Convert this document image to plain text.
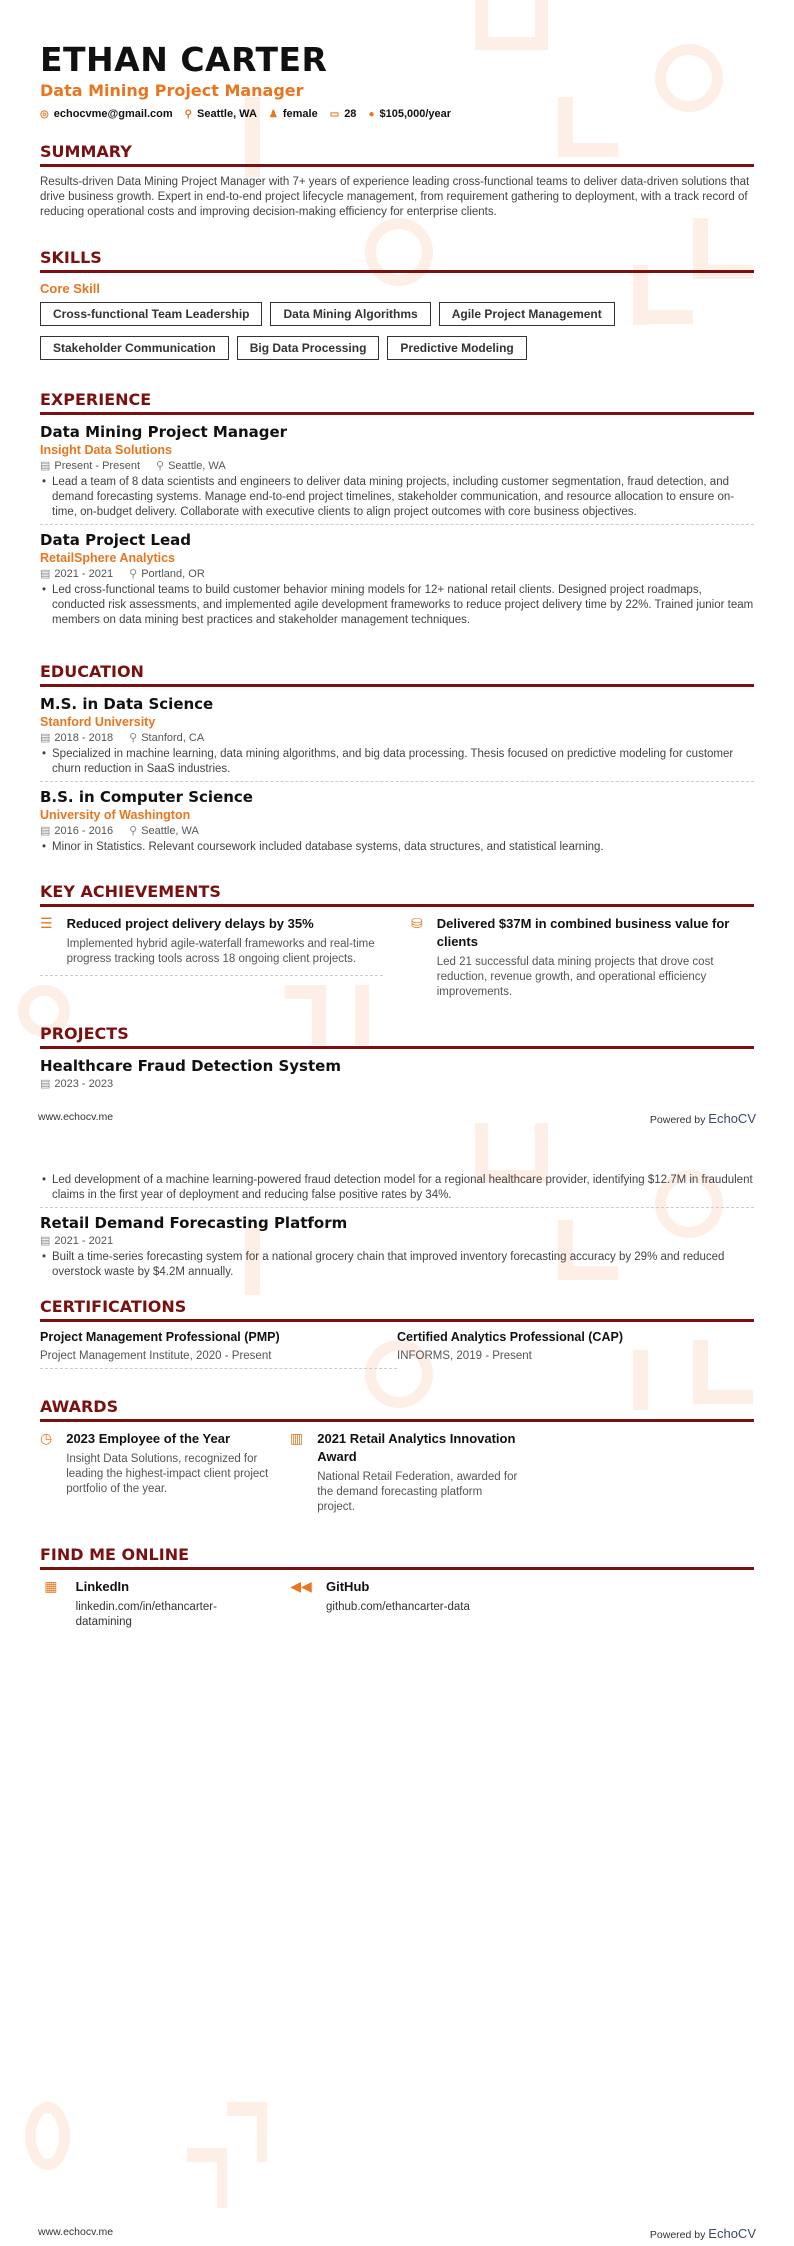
ETHAN CARTER
Data Mining Project Manager
◎ echocvme@gmail.com ⚲ Seattle, WA ♟ female ▭ 28 ● $105,000/year
SUMMARY
Results-driven Data Mining Project Manager with 7+ years of experience leading cross-functional teams to deliver data-driven solutions that drive business growth. Expert in end-to-end project lifecycle management, from requirement gathering to deployment, with a track record of reducing operational costs and improving decision-making efficiency for enterprise clients.
SKILLS
Core Skill
Cross-functional Team Leadership	Data Mining Algorithms	Agile Project Management
Stakeholder Communication	Big Data Processing	Predictive Modeling
EXPERIENCE
Data Mining Project Manager
Insight Data Solutions
▤ Present - Present ⚲ Seattle, WA
• Lead a team of 8 data scientists and engineers to deliver data mining projects, including customer segmentation, fraud detection, and demand forecasting systems. Manage end-to-end project timelines, stakeholder communication, and resource allocation to ensure on-time, on-budget delivery. Collaborate with executive clients to align project outcomes with core business objectives.
Data Project Lead
RetailSphere Analytics
▤ 2021 - 2021 ⚲ Portland, OR
• Led cross-functional teams to build customer behavior mining models for 12+ national retail clients. Designed project roadmaps, conducted risk assessments, and implemented agile development frameworks to reduce project delivery time by 22%. Trained junior team members on data mining best practices and stakeholder management techniques.
EDUCATION
M.S. in Data Science
Stanford University
▤ 2018 - 2018 ⚲ Stanford, CA
• Specialized in machine learning, data mining algorithms, and big data processing. Thesis focused on predictive modeling for customer churn reduction in SaaS industries.
B.S. in Computer Science
University of Washington
▤ 2016 - 2016 ⚲ Seattle, WA
• Minor in Statistics. Relevant coursework included database systems, data structures, and statistical learning.
KEY ACHIEVEMENTS
☰ Reduced project delivery delays by 35%
Implemented hybrid agile-waterfall frameworks and real-time progress tracking tools across 18 ongoing client projects.
⛁ Delivered $37M in combined business value for clients
Led 21 successful data mining projects that drove cost reduction, revenue growth, and operational efficiency improvements.
PROJECTS
Healthcare Fraud Detection System
▤ 2023 - 2023
www.echocv.me	Powered by EchoCV
• Led development of a machine learning-powered fraud detection model for a regional healthcare provider, identifying $12.7M in fraudulent claims in the first year of deployment and reducing false positive rates by 34%.
Retail Demand Forecasting Platform
▤ 2021 - 2021
• Built a time-series forecasting system for a national grocery chain that improved inventory forecasting accuracy by 29% and reduced overstock waste by $4.2M annually.
CERTIFICATIONS
Project Management Professional (PMP)
Project Management Institute, 2020 - Present
Certified Analytics Professional (CAP)
INFORMS, 2019 - Present
AWARDS
◷ 2023 Employee of the Year
Insight Data Solutions, recognized for leading the highest-impact client project portfolio of the year.
▥ 2021 Retail Analytics Innovation Award
National Retail Federation, awarded for the demand forecasting platform project.
FIND ME ONLINE
▦	LinkedIn
linkedin.com/in/ethancarter-datamining
◀◀ GitHub
github.com/ethancarter-data
www.echocv.me	Powered by EchoCV
